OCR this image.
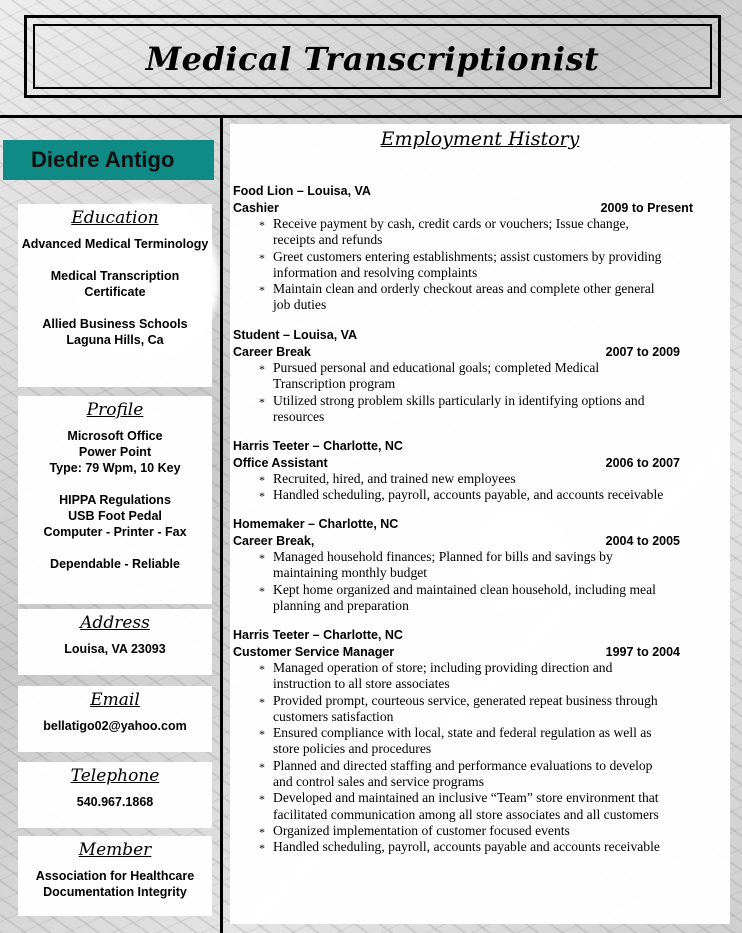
Medical Transcriptionist
Diedre Antigo
Education
Advanced Medical Terminology
Medical Transcription
Certificate
Allied Business Schools
Laguna Hills, Ca
Profile
Microsoft Office
Power Point
Type: 79 Wpm, 10 Key
HIPPA Regulations
USB Foot Pedal
Computer - Printer - Fax
Dependable - Reliable
Address
Louisa, VA 23093
Email
bellatigo02@yahoo.com
Telephone
540.967.1868
Member
Association for Healthcare
Documentation Integrity
Employment History
Food Lion – Louisa, VA
Cashier	2009 to Present
* Receive payment by cash, credit cards or vouchers; Issue change,
receipts and refunds
* Greet customers entering establishments; assist customers by providing
information and resolving complaints
* Maintain clean and orderly checkout areas and complete other general
job duties
Student – Louisa, VA
Career Break	2007 to 2009
* Pursued personal and educational goals; completed Medical
Transcription program
* Utilized strong problem skills particularly in identifying options and
resources
Harris Teeter – Charlotte, NC
Office Assistant	2006 to 2007
* Recruited, hired, and trained new employees
* Handled scheduling, payroll, accounts payable, and accounts receivable
Homemaker – Charlotte, NC
Career Break,	2004 to 2005
* Managed household finances; Planned for bills and savings by
maintaining monthly budget
* Kept home organized and maintained clean household, including meal
planning and preparation
Harris Teeter – Charlotte, NC
Customer Service Manager	1997 to 2004
* Managed operation of store; including providing direction and
instruction to all store associates
* Provided prompt, courteous service, generated repeat business through
customers satisfaction
* Ensured compliance with local, state and federal regulation as well as
store policies and procedures
* Planned and directed staffing and performance evaluations to develop
and control sales and service programs
* Developed and maintained an inclusive “Team” store environment that
facilitated communication among all store associates and all customers
* Organized implementation of customer focused events
* Handled scheduling, payroll, accounts payable and accounts receivable
